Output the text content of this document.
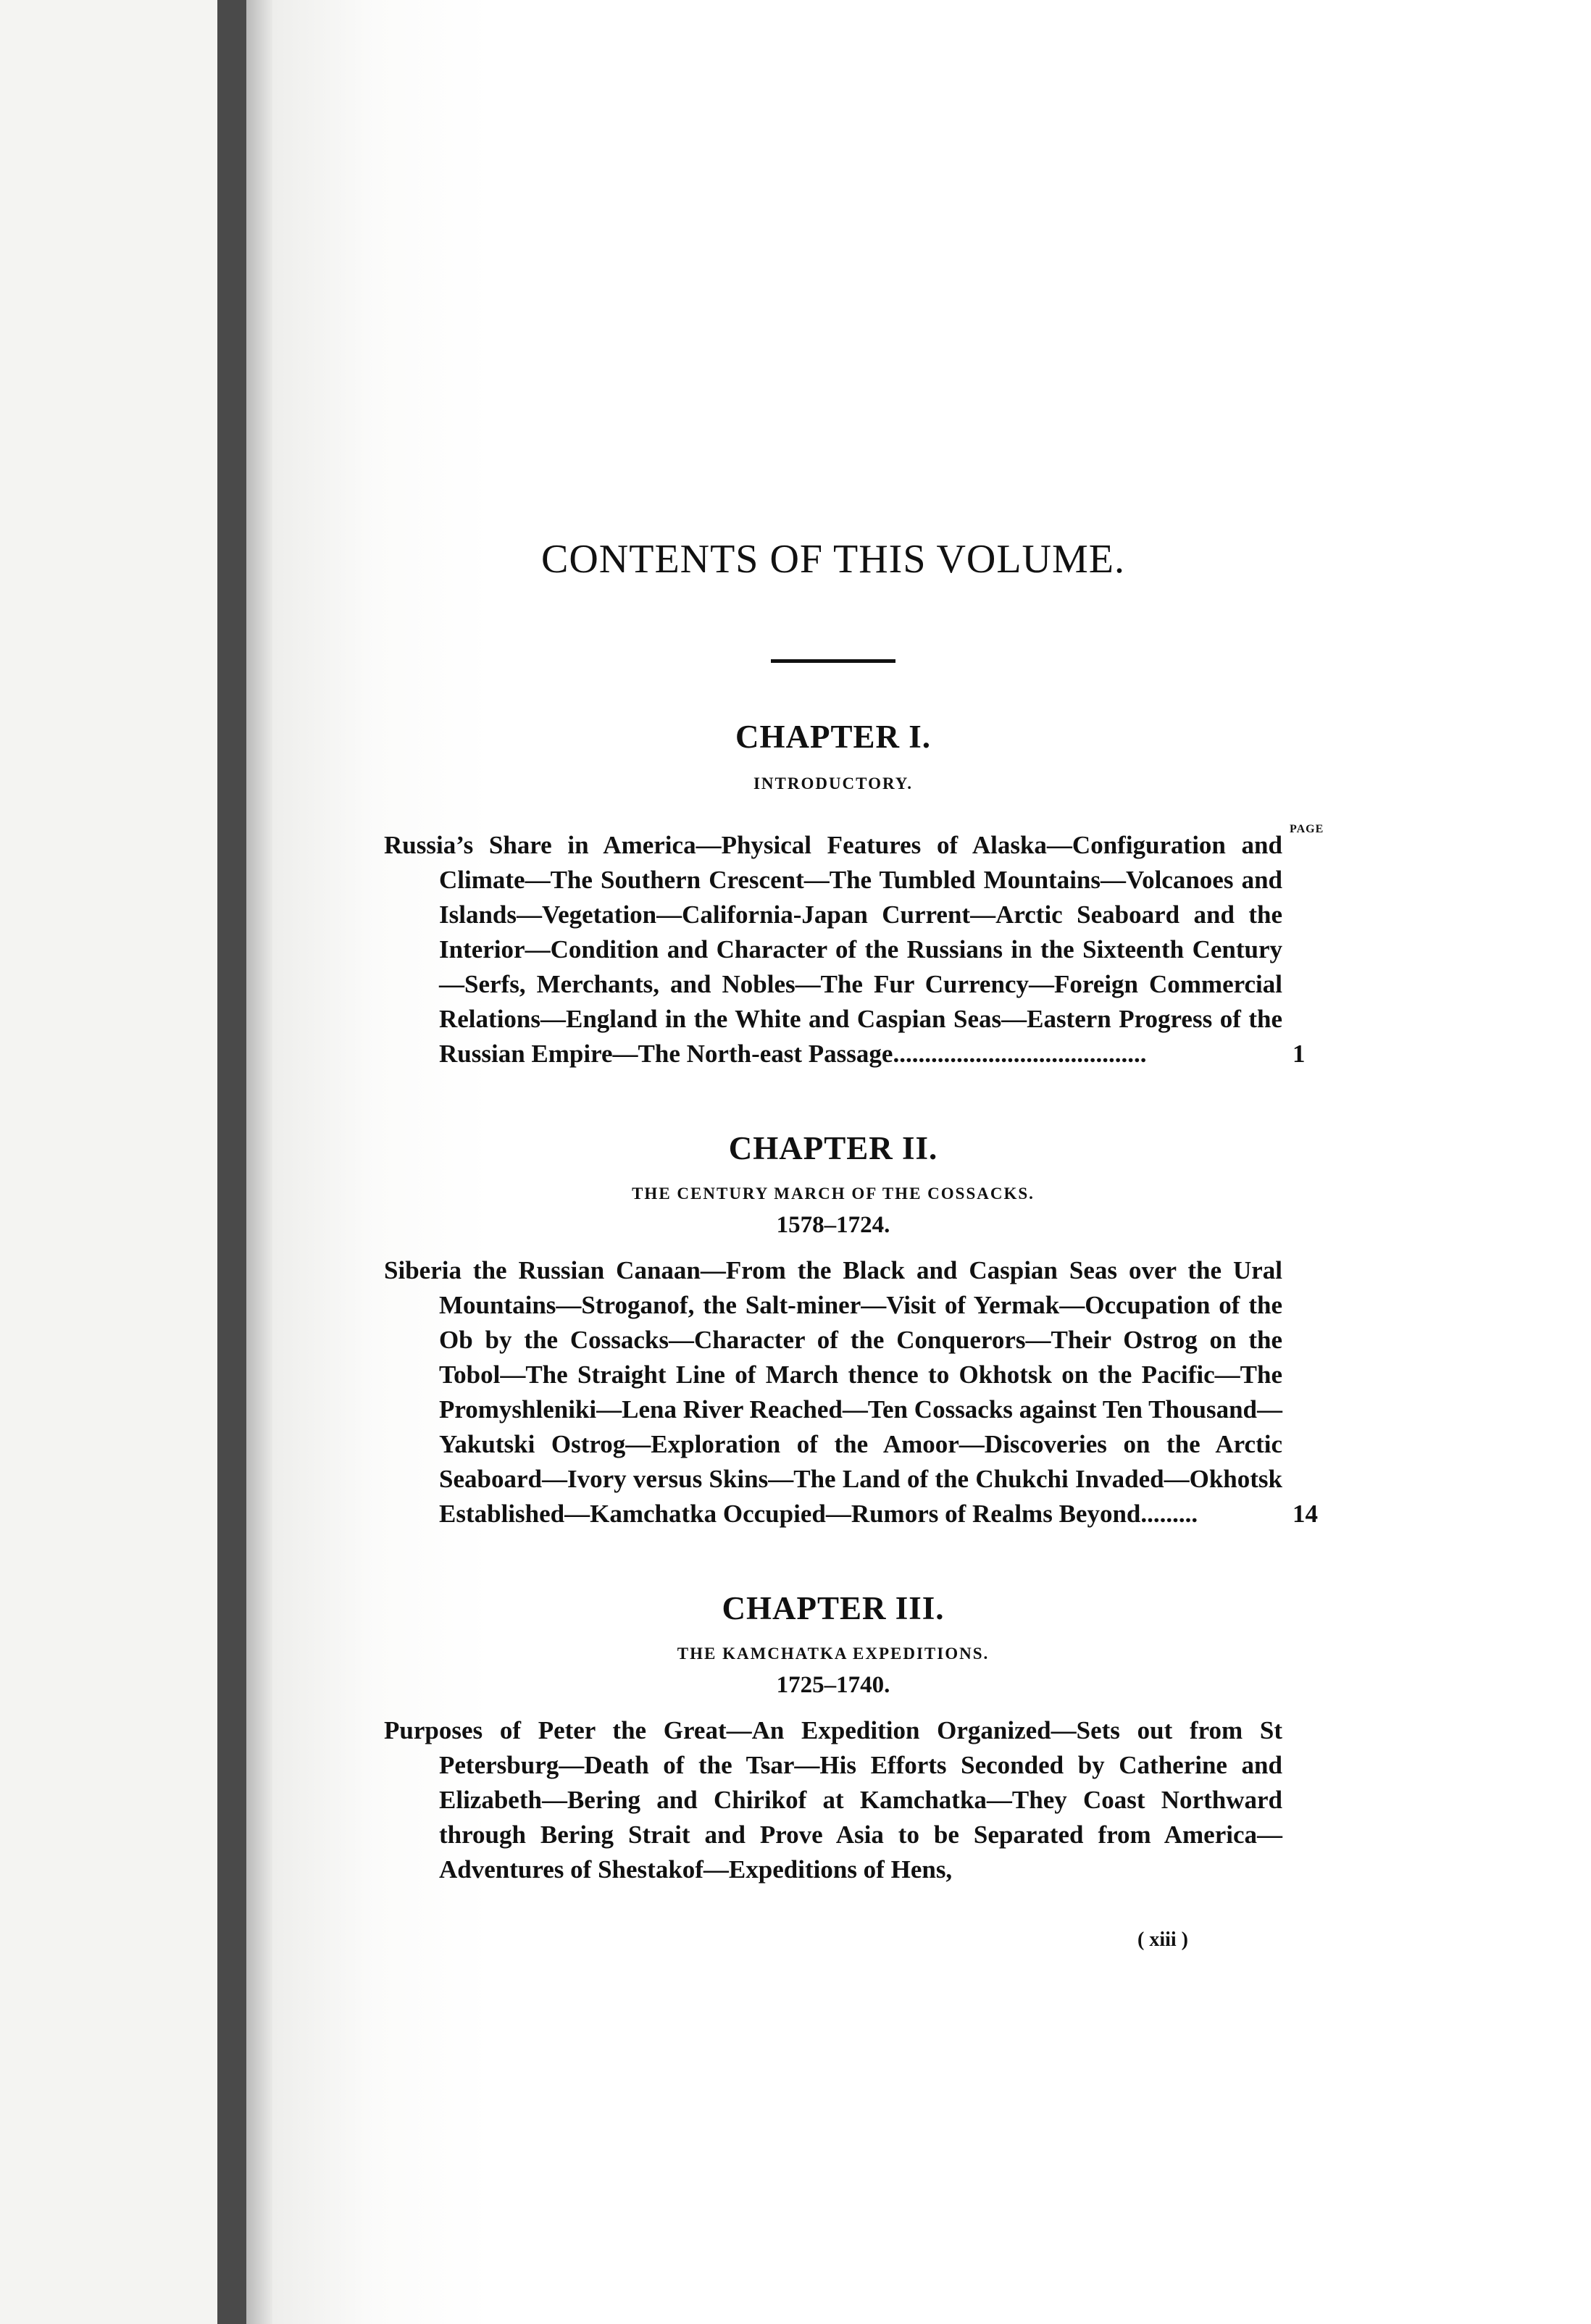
CONTENTS OF THIS VOLUME.
CHAPTER I.
INTRODUCTORY.
Russia’s Share in America—Physical Features of Alaska—Configuration and Climate—The Southern Crescent—The Tumbled Mountains—Volcanoes and Islands—Vegetation—California-Japan Current—Arctic Seaboard and the Interior—Condition and Character of the Russians in the Sixteenth Century—Serfs, Merchants, and Nobles—The Fur Currency—Foreign Commercial Relations—England in the White and Caspian Seas—Eastern Progress of the Russian Empire—The North-east Passage........................................
CHAPTER II.
THE CENTURY MARCH OF THE COSSACKS.
1578–1724.
Siberia the Russian Canaan—From the Black and Caspian Seas over the Ural Mountains—Stroganof, the Salt-miner—Visit of Yermak—Occupation of the Ob by the Cossacks—Character of the Conquerors—Their Ostrog on the Tobol—The Straight Line of March thence to Okhotsk on the Pacific—The Promyshleniki—Lena River Reached—Ten Cossacks against Ten Thousand—Yakutski Ostrog—Exploration of the Amoor—Discoveries on the Arctic Seaboard—Ivory versus Skins—The Land of the Chukchi Invaded—Okhotsk Established—Kamchatka Occupied—Rumors of Realms Beyond.........
CHAPTER III.
THE KAMCHATKA EXPEDITIONS.
1725–1740.
Purposes of Peter the Great—An Expedition Organized—Sets out from St Petersburg—Death of the Tsar—His Efforts Seconded by Catherine and Elizabeth—Bering and Chirikof at Kamchatka—They Coast Northward through Bering Strait and Prove Asia to be Separated from America—Adventures of Shestakof—Expeditions of Hens,
( xiii )
